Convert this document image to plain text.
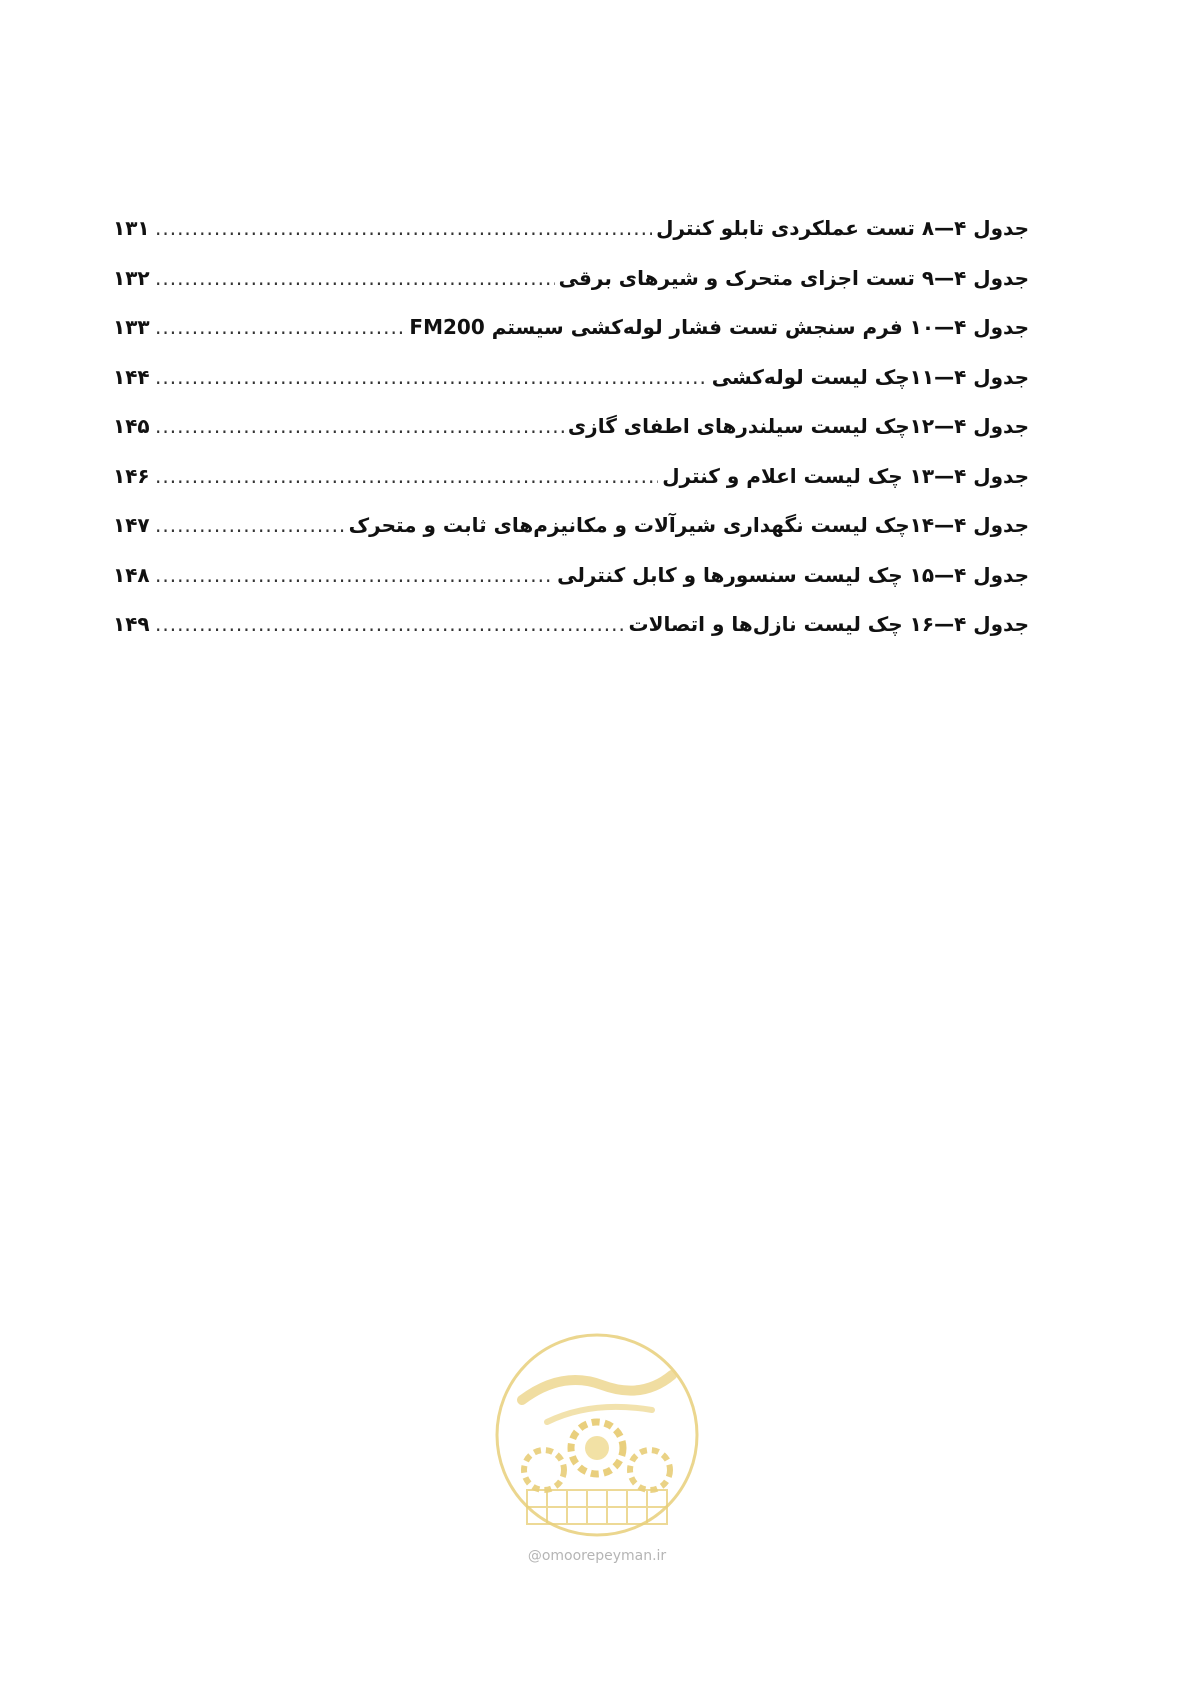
جدول ۴—۸ تست عملکردی تابلو کنترل
.....
۱۳۱
جدول ۴—۹ تست اجزای متحرک و شیرهای برقی
.....
۱۳۲
جدول ۴—۱۰ فرم سنجش تست فشار لوله‌کشی سیستم FM200
.....
۱۳۳
جدول ۴—۱۱چک لیست لوله‌کشی
.....
۱۴۴
جدول ۴—۱۲چک لیست سیلندرهای اطفای گازی
.....
۱۴۵
جدول ۴—۱۳ چک لیست اعلام و کنترل
.....
۱۴۶
جدول ۴—۱۴چک لیست نگهداری شیرآلات و مکانیزم‌های ثابت و متحرک
.....
۱۴۷
جدول ۴—۱۵ چک لیست سنسورها و کابل کنترلی
.....
۱۴۸
جدول ۴—۱۶ چک لیست نازل‌ها و اتصالات
.....
۱۴۹
@omoorepeyman.ir
